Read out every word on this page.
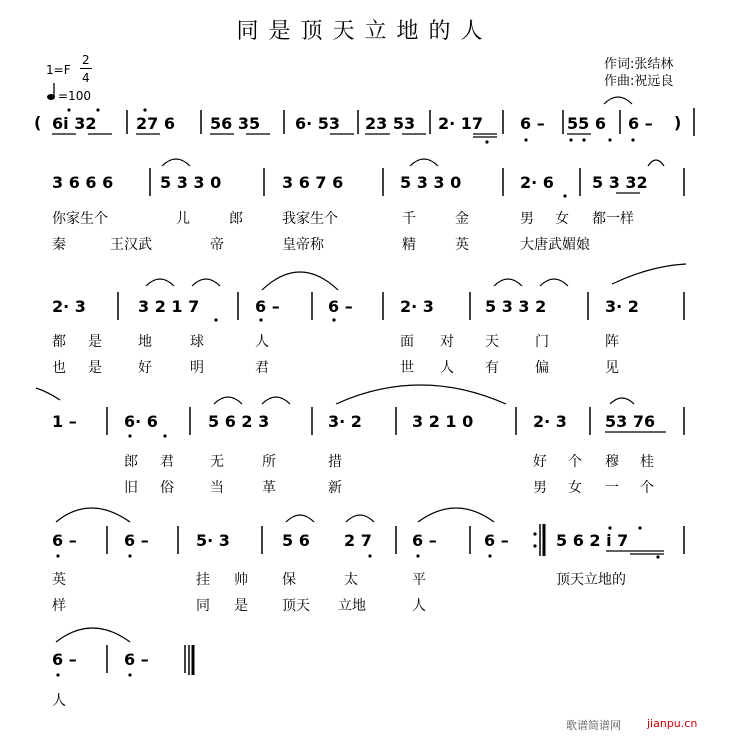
同是顶天立地的人
作词:张结林
作曲:祝远良
1=F
2
4
=100
( 6i 32 27 6 56 35 6· 53 23 53 2· 17 6 – 55 6 6 – )
3 6 6 6	5 3 3 0	3 6 7 6	5 3 3 0	2· 6 5 3 32
你家生个	儿	郎	我家生个	千	金	男 女 都一样
秦	王汉武	帝	皇帝称	精	英	大唐武媚娘
2· 3	3 2 1 7	6 –	6 –	2· 3	5 3 3 2	3· 2
都 是	地	球	人	面 对 天	门	阵
也 是	好	明	君	世 人 有	偏	见
1 –	6· 6	5 6 2 3	3· 2	3 2 1 0	2· 3 53 76
郎 君	无	所	措	好 个 穆 桂
旧 俗	当	革	新	男 女 一 个
6 –	6 –	5· 3	5 6 2 7	6 –	6 –	5 6 2 i 7
英	挂 帅 保	太	平	顶天立地的
样	同 是 顶天 立地	人
6 –	6 –
人
歌谱简谱网 jianpu.cn
